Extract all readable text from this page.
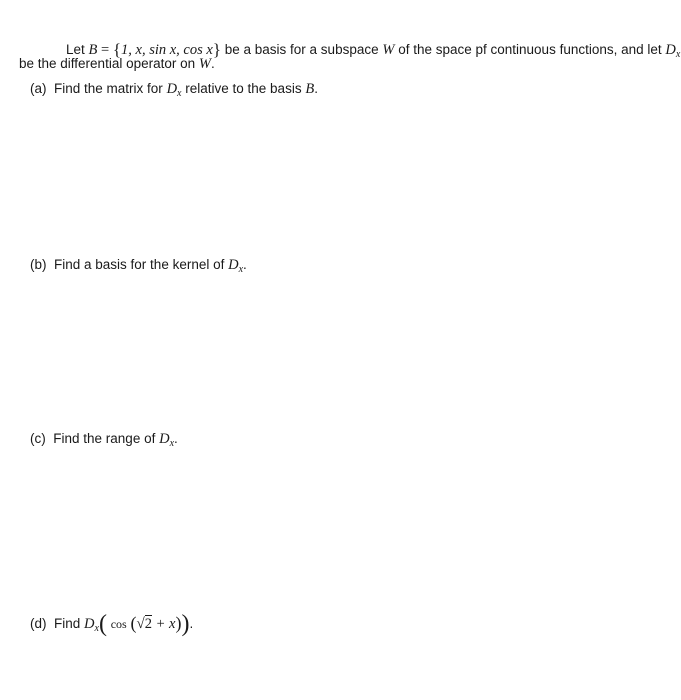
Let B = {1, x, sin x, cos x} be a basis for a subspace W of the space pf continuous functions, and let $D_x$
be the differential operator on W.
(a) Find the matrix for $D_x$ relative to the basis B.
(b) Find a basis for the kernel of $D_x$.
(c) Find the range of $D_x$.
(d) Find $D_x$( cos (√2 + x)).
